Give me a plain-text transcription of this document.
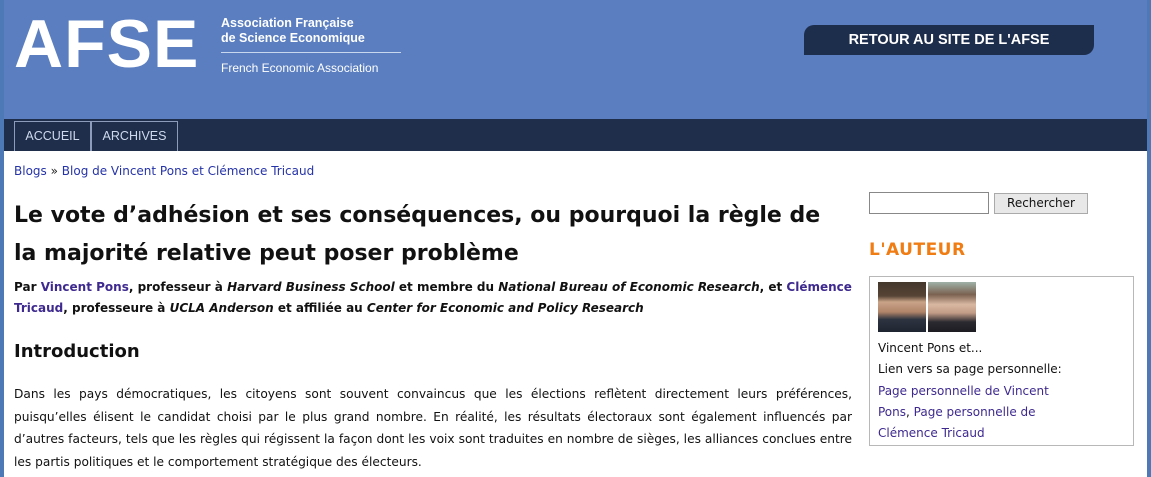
AFSE Association Française
de Science Economique
French Economic Association
RETOUR AU SITE DE L'AFSE
ACCUEIL	ARCHIVES
Blogs » Blog de Vincent Pons et Clémence Tricaud
Le vote d’adhésion et ses conséquences, ou pourquoi la règle de la majorité relative peut poser problème
Par Vincent Pons, professeur à Harvard Business School et membre du National Bureau of Economic Research, et Clémence Tricaud, professeure à UCLA Anderson et affiliée au Center for Economic and Policy Research
Introduction

Dans les pays démocratiques, les citoyens sont souvent convaincus que les élections reflètent directement leurs préférences, puisqu’elles élisent le candidat choisi par le plus grand nombre. En réalité, les résultats électoraux sont également influencés par d’autres facteurs, tels que les règles qui régissent la façon dont les voix sont traduites en nombre de sièges, les alliances conclues entre les partis politiques et le comportement stratégique des électeurs.

Rechercher
L'AUTEUR
Vincent Pons et...
Lien vers sa page personnelle:
Page personnelle de Vincent Pons, Page personnelle de Clémence Tricaud
